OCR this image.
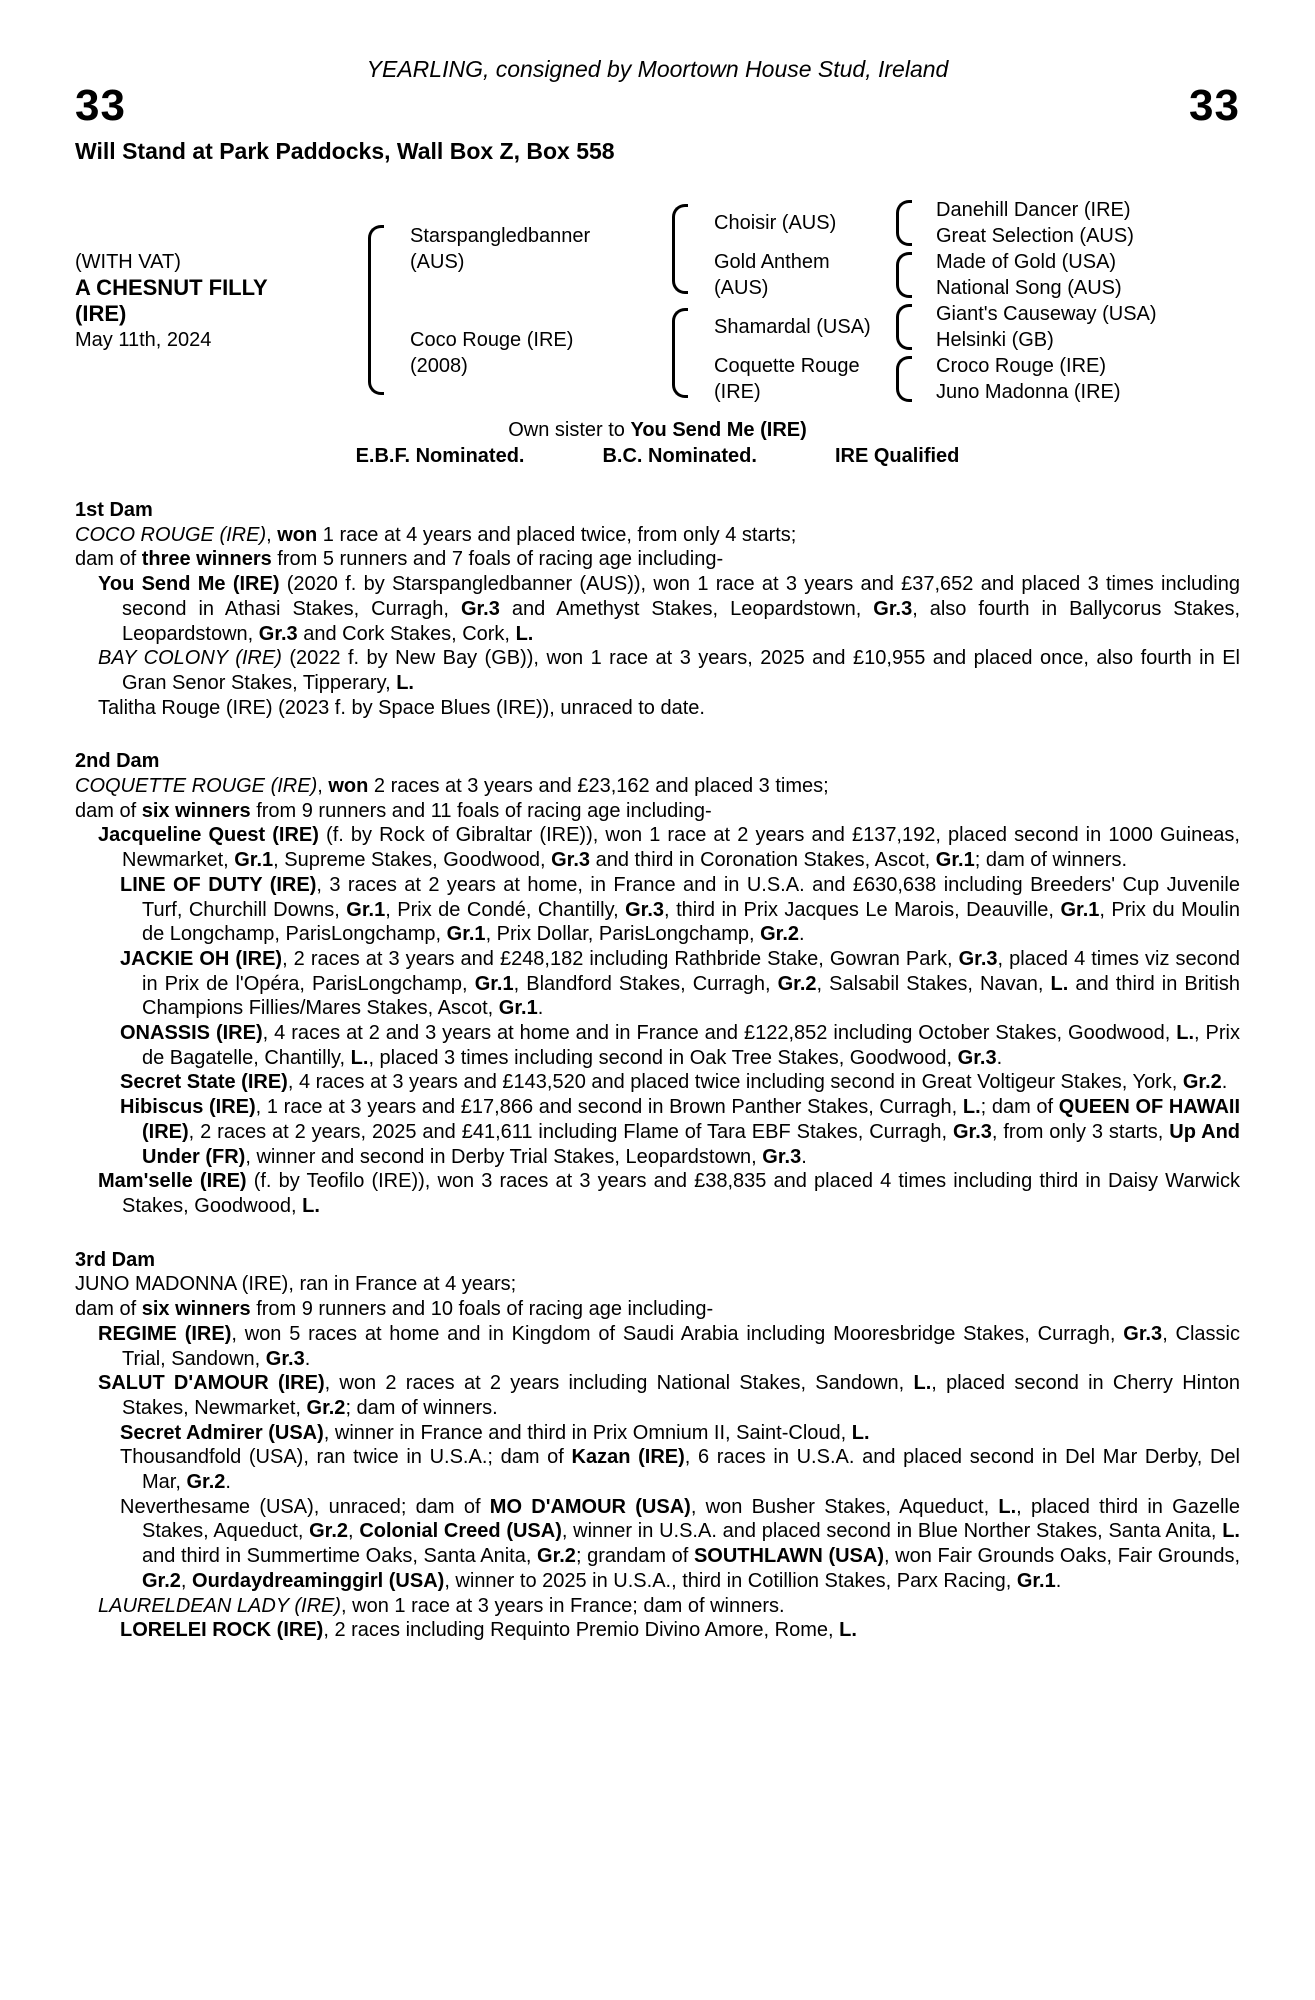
YEARLING, consigned by Moortown House Stud, Ireland
33	33
Will Stand at Park Paddocks, Wall Box Z, Box 558
(WITH VAT)
A CHESNUT FILLY
(IRE)
May 11th, 2024
Starspangledbanner
(AUS)
Coco Rouge (IRE)
(2008)
Choisir (AUS)
Gold Anthem
(AUS)
Shamardal (USA)
Coquette Rouge
(IRE)
Danehill Dancer (IRE)
Great Selection (AUS)
Made of Gold (USA)
National Song (AUS)
Giant's Causeway (USA)
Helsinki (GB)
Croco Rouge (IRE)
Juno Madonna (IRE)
Own sister to You Send Me (IRE)
E.B.F. Nominated.	B.C. Nominated.	IRE Qualified
1st Dam

COCO ROUGE (IRE), won 1 race at 4 years and placed twice, from only 4 starts;

dam of three winners from 5 runners and 7 foals of racing age including-

You Send Me (IRE) (2020 f. by Starspangledbanner (AUS)), won 1 race at 3 years and £37,652 and placed 3 times including second in Athasi Stakes, Curragh, Gr.3 and Amethyst Stakes, Leopardstown, Gr.3, also fourth in Ballycorus Stakes, Leopardstown, Gr.3 and Cork Stakes, Cork, L.

BAY COLONY (IRE) (2022 f. by New Bay (GB)), won 1 race at 3 years, 2025 and £10,955 and placed once, also fourth in El Gran Senor Stakes, Tipperary, L.

Talitha Rouge (IRE) (2023 f. by Space Blues (IRE)), unraced to date.

2nd Dam

COQUETTE ROUGE (IRE), won 2 races at 3 years and £23,162 and placed 3 times;

dam of six winners from 9 runners and 11 foals of racing age including-

Jacqueline Quest (IRE) (f. by Rock of Gibraltar (IRE)), won 1 race at 2 years and £137,192, placed second in 1000 Guineas, Newmarket, Gr.1, Supreme Stakes, Goodwood, Gr.3 and third in Coronation Stakes, Ascot, Gr.1; dam of winners.

LINE OF DUTY (IRE), 3 races at 2 years at home, in France and in U.S.A. and £630,638 including Breeders' Cup Juvenile Turf, Churchill Downs, Gr.1, Prix de Condé, Chantilly, Gr.3, third in Prix Jacques Le Marois, Deauville, Gr.1, Prix du Moulin de Longchamp, ParisLongchamp, Gr.1, Prix Dollar, ParisLongchamp, Gr.2.

JACKIE OH (IRE), 2 races at 3 years and £248,182 including Rathbride Stake, Gowran Park, Gr.3, placed 4 times viz second in Prix de l'Opéra, ParisLongchamp, Gr.1, Blandford Stakes, Curragh, Gr.2, Salsabil Stakes, Navan, L. and third in British Champions Fillies/Mares Stakes, Ascot, Gr.1.

ONASSIS (IRE), 4 races at 2 and 3 years at home and in France and £122,852 including October Stakes, Goodwood, L., Prix de Bagatelle, Chantilly, L., placed 3 times including second in Oak Tree Stakes, Goodwood, Gr.3.

Secret State (IRE), 4 races at 3 years and £143,520 and placed twice including second in Great Voltigeur Stakes, York, Gr.2.

Hibiscus (IRE), 1 race at 3 years and £17,866 and second in Brown Panther Stakes, Curragh, L.; dam of QUEEN OF HAWAII (IRE), 2 races at 2 years, 2025 and £41,611 including Flame of Tara EBF Stakes, Curragh, Gr.3, from only 3 starts, Up And Under (FR), winner and second in Derby Trial Stakes, Leopardstown, Gr.3.

Mam'selle (IRE) (f. by Teofilo (IRE)), won 3 races at 3 years and £38,835 and placed 4 times including third in Daisy Warwick Stakes, Goodwood, L.

3rd Dam

JUNO MADONNA (IRE), ran in France at 4 years;

dam of six winners from 9 runners and 10 foals of racing age including-

REGIME (IRE), won 5 races at home and in Kingdom of Saudi Arabia including Mooresbridge Stakes, Curragh, Gr.3, Classic Trial, Sandown, Gr.3.

SALUT D'AMOUR (IRE), won 2 races at 2 years including National Stakes, Sandown, L., placed second in Cherry Hinton Stakes, Newmarket, Gr.2; dam of winners.

Secret Admirer (USA), winner in France and third in Prix Omnium II, Saint-Cloud, L.

Thousandfold (USA), ran twice in U.S.A.; dam of Kazan (IRE), 6 races in U.S.A. and placed second in Del Mar Derby, Del Mar, Gr.2.

Neverthesame (USA), unraced; dam of MO D'AMOUR (USA), won Busher Stakes, Aqueduct, L., placed third in Gazelle Stakes, Aqueduct, Gr.2, Colonial Creed (USA), winner in U.S.A. and placed second in Blue Norther Stakes, Santa Anita, L. and third in Summertime Oaks, Santa Anita, Gr.2; grandam of SOUTHLAWN (USA), won Fair Grounds Oaks, Fair Grounds, Gr.2, Ourdaydreaminggirl (USA), winner to 2025 in U.S.A., third in Cotillion Stakes, Parx Racing, Gr.1.

LAURELDEAN LADY (IRE), won 1 race at 3 years in France; dam of winners.

LORELEI ROCK (IRE), 2 races including Requinto Premio Divino Amore, Rome, L.
